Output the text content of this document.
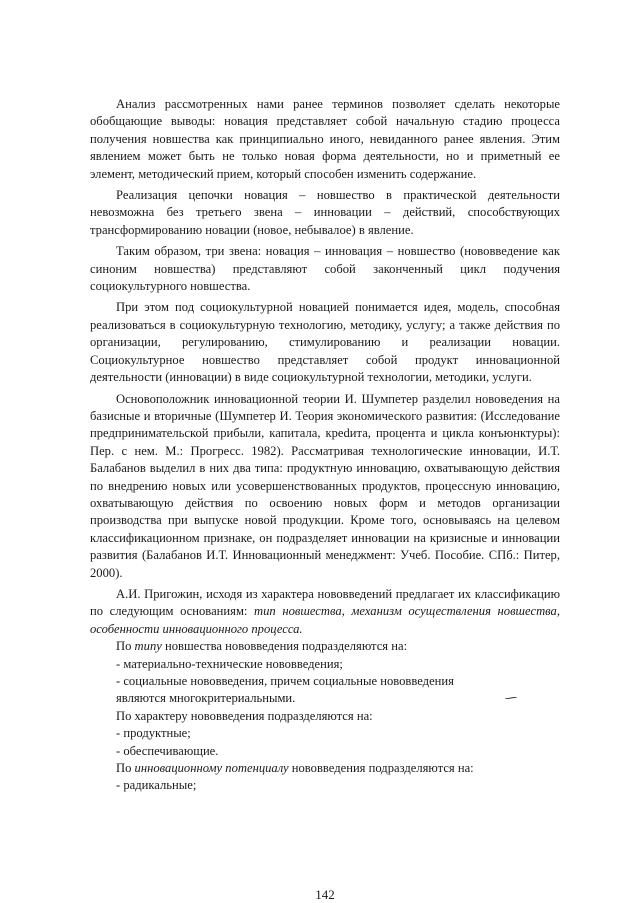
Анализ рассмотренных нами ранее терминов позволяет сделать некоторые обобщающие выводы: новация представляет собой начальную стадию процесса получения новшества как принципиально иного, невиданного ранее явления. Этим явлением может быть не только новая форма деятельности, но и приметный ее элемент, методический прием, который способен изменить содержание.

Реализация цепочки новация – новшество в практической деятельности невозможна без третьего звена – инновации – действий, способствующих трансформированию новации (новое, небывалое) в явление.

Таким образом, три звена: новация – инновация – новшество (нововведение как синоним новшества) представляют собой законченный цикл подучения социокультурного новшества.

При этом под социокультурной новацией понимается идея, модель, способная реализоваться в социокультурную технологию, методику, услугу; а также действия по организации, регулированию, стимулированию и реализации новации. Социокультурное новшество представляет собой продукт инновационной деятельности (инновации) в виде социокультурной технологии, методики, услуги.

Основоположник инновационной теории И. Шумпетер разделил нововедения на базисные и вторичные (Шумпетер И. Теория экономического развития: (Исследование предпринимательской прибыли, капитала, креdита, процента и цикла конъюнктуры): Пер. с нем. М.: Прогресс. 1982). Рассматривая технологические инновации, И.Т. Балабанов выделил в них два типа: продуктную инновацию, охватывающую действия по внедрению новых или усовершенствованных продуктов, процессную инновацию, охватывающую действия по освоению новых форм и методов организации производства при выпуске новой продукции. Кроме того, основываясь на целевом классификационном признаке, он подразделяет инновации на кризисные и инновации развития (Балабанов И.Т. Инновационный менеджмент: Учеб. Пособие. СПб.: Питер, 2000).

А.И. Пригожин, исходя из характера нововведений предлагает их классификацию по следующим основаниям: тип новшества, механизм осуществления новшества, особенности инновационного процесса.

По типу новшества нововведения подразделяются на:

- материально-технические нововведения;

- социальные нововведения, причем социальные нововведения

являются многокритериальными.

По характеру нововведения подразделяются на:

- продуктные;

- обеспечивающие.

По инновационному потенциалу нововведения подразделяются на:

- радикальные;

142
